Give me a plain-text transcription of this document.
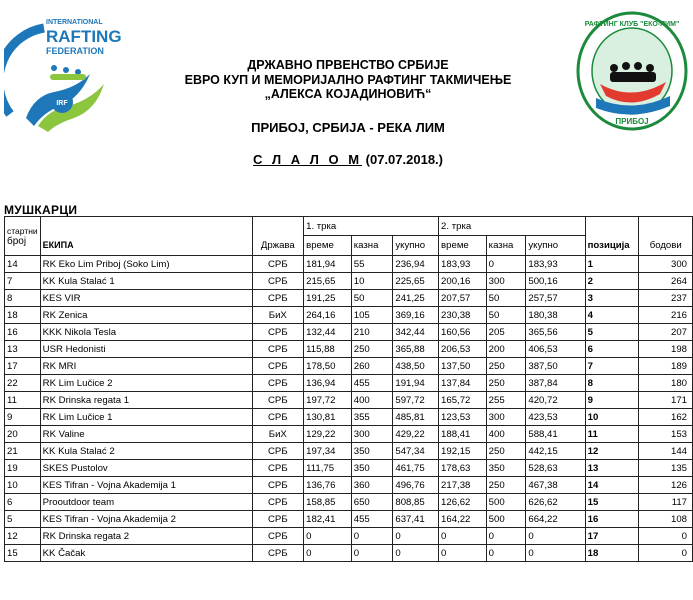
IRF
INTERNATIONAL
RAFTING
FEDERATION
РАФТИНГ КЛУБ "ЕКО-ЛИМ"
ПРИБОЈ
ДРЖАВНО ПРВЕНСТВО СРБИЈЕ
ЕВРО КУП И МЕМОРИЈАЛНО РАФТИНГ ТАКМИЧЕЊЕ
„АЛЕКСА КОЈАДИНОВИЋ“
ПРИБОЈ, СРБИЈА - РЕКА ЛИМ
С Л А Л О М (07.07.2018.)
МУШКАРЦИ
стартни			1. трка			2. трка				
број	ЕКИПА	Држава	време	казна	укупно	време	казна	укупно	позиција	бодови
14	RK Eko Lim Priboj (Soko Lim)	СРБ	181,94	55	236,94	183,93	0	183,93	1	300
7	KK Kula Stalać 1	СРБ	215,65	10	225,65	200,16	300	500,16	2	264
8	KES VIR	СРБ	191,25	50	241,25	207,57	50	257,57	3	237
18	RK Zenica	БиХ	264,16	105	369,16	230,38	50	180,38	4	216
16	KKK Nikola Tesla	СРБ	132,44	210	342,44	160,56	205	365,56	5	207
13	USR Hedonisti	СРБ	115,88	250	365,88	206,53	200	406,53	6	198
17	RK MRI	СРБ	178,50	260	438,50	137,50	250	387,50	7	189
22	RK Lim Lučice 2	СРБ	136,94	455	191,94	137,84	250	387,84	8	180
11	RK Drinska regata 1	СРБ	197,72	400	597,72	165,72	255	420,72	9	171
9	RK Lim Lučice 1	СРБ	130,81	355	485,81	123,53	300	423,53	10	162
20	RK Valine	БиХ	129,22	300	429,22	188,41	400	588,41	11	153
21	KK Kula Stalać 2	СРБ	197,34	350	547,34	192,15	250	442,15	12	144
19	SKES Pustolov	СРБ	111,75	350	461,75	178,63	350	528,63	13	135
10	KES Tifran - Vojna Akademija 1	СРБ	136,76	360	496,76	217,38	250	467,38	14	126
6	Prooutdoor team	СРБ	158,85	650	808,85	126,62	500	626,62	15	117
5	KES Tifran - Vojna Akademija 2	СРБ	182,41	455	637,41	164,22	500	664,22	16	108
12	RK Drinska regata 2	СРБ	0	0	0	0	0	0	17	0
15	KK Čačak	СРБ	0	0	0	0	0	0	18	0
